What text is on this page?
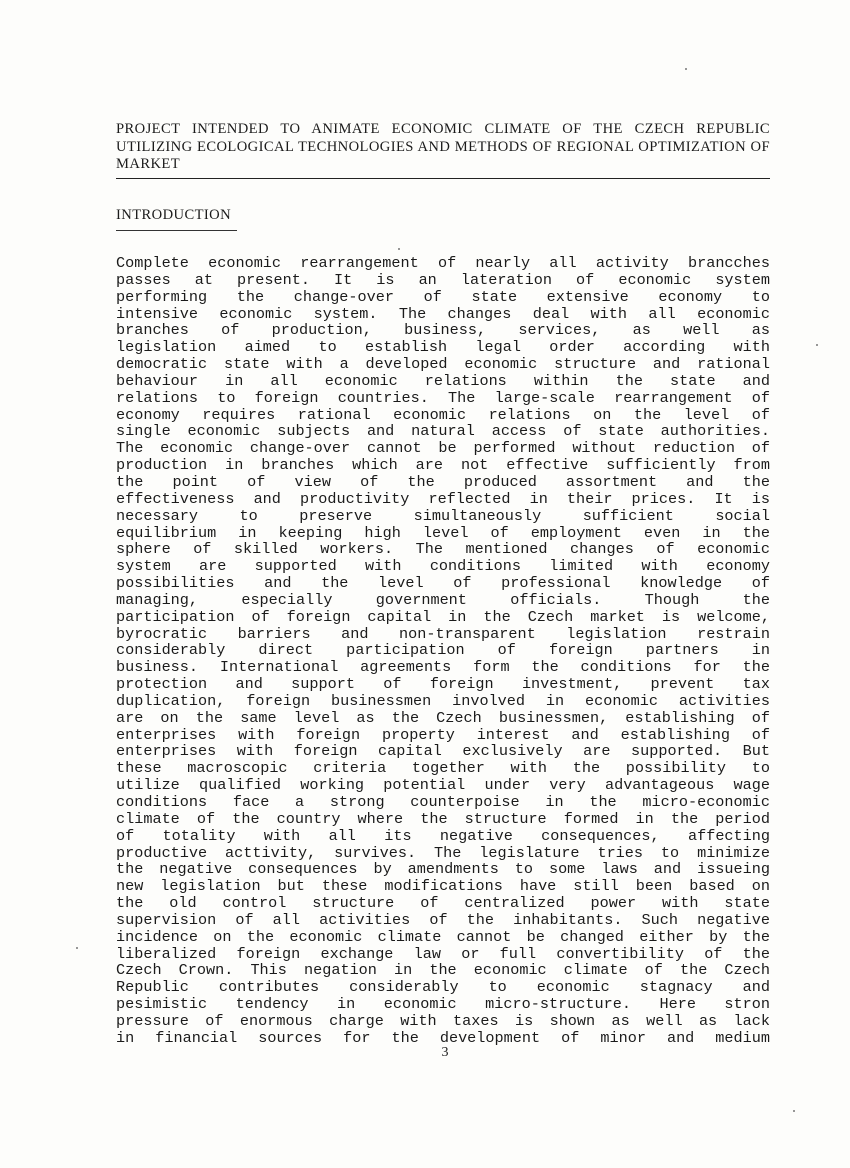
PROJECT INTENDED TO ANIMATE ECONOMIC CLIMATE OF THE CZECH REPUBLIC UTILIZING ECOLOGICAL TECHNOLOGIES AND METHODS OF REGIONAL OPTIMIZATION OF MARKET
INTRODUCTION
Complete economic rearrangement of nearly all activity brancches
passes at present. It is an lateration of economic system
performing the change-over of state extensive economy to
intensive economic system. The changes deal with all economic
branches of production, business, services, as well as
legislation aimed to establish legal order according with
democratic state with a developed economic structure and rational
behaviour in all economic relations within the state and
relations to foreign countries. The large-scale rearrangement of
economy requires rational economic relations on the level of
single economic subjects and natural access of state authorities.
The economic change-over cannot be performed without reduction of
production in branches which are not effective sufficiently from
the point of view of the produced assortment and the
effectiveness and productivity reflected in their prices. It is
necessary to preserve simultaneously sufficient social
equilibrium in keeping high level of employment even in the
sphere of skilled workers. The mentioned changes of economic
system are supported with conditions limited with economy
possibilities and the level of professional knowledge of
managing, especially government officials. Though the
participation of foreign capital in the Czech market is welcome,
byrocratic barriers and non-transparent legislation restrain
considerably direct participation of foreign partners in
business. International agreements form the conditions for the
protection and support of foreign investment, prevent tax
duplication, foreign businessmen involved in economic activities
are on the same level as the Czech businessmen, establishing of
enterprises with foreign property interest and establishing of
enterprises with foreign capital exclusively are supported. But
these macroscopic criteria together with the possibility to
utilize qualified working potential under very advantageous wage
conditions face a strong counterpoise in the micro-economic
climate of the country where the structure formed in the period
of totality with all its negative consequences, affecting
productive acttivity, survives. The legislature tries to minimize
the negative consequences by amendments to some laws and issueing
new legislation but these modifications have still been based on
the old control structure of centralized power with state
supervision of all activities of the inhabitants. Such negative
incidence on the economic climate cannot be changed either by the
liberalized foreign exchange law or full convertibility of the
Czech Crown. This negation in the economic climate of the Czech
Republic contributes considerably to economic stagnacy and
pesimistic tendency in economic micro-structure. Here stron
pressure of enormous charge with taxes is shown as well as lack
in financial sources for the development of minor and medium
3
